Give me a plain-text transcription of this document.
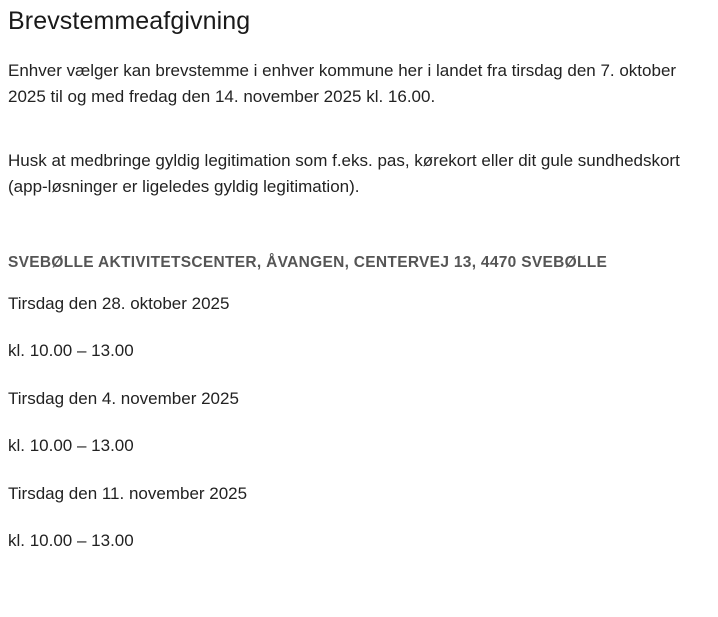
Brevstemmeafgivning

Enhver vælger kan brevstemme i enhver kommune her i landet fra tirsdag den 7. oktober 2025 til og med fredag den 14. november 2025 kl. 16.00.

Husk at medbringe gyldig legitimation som f.eks. pas, kørekort eller dit gule sundhedskort (app-løsninger er ligeledes gyldig legitimation).

SVEBØLLE AKTIVITETSCENTER, ÅVANGEN, CENTERVEJ 13, 4470 SVEBØLLE
Tirsdag den 28. oktober 2025
kl. 10.00 – 13.00
Tirsdag den 4. november 2025
kl. 10.00 – 13.00
Tirsdag den 11. november 2025
kl. 10.00 – 13.00
